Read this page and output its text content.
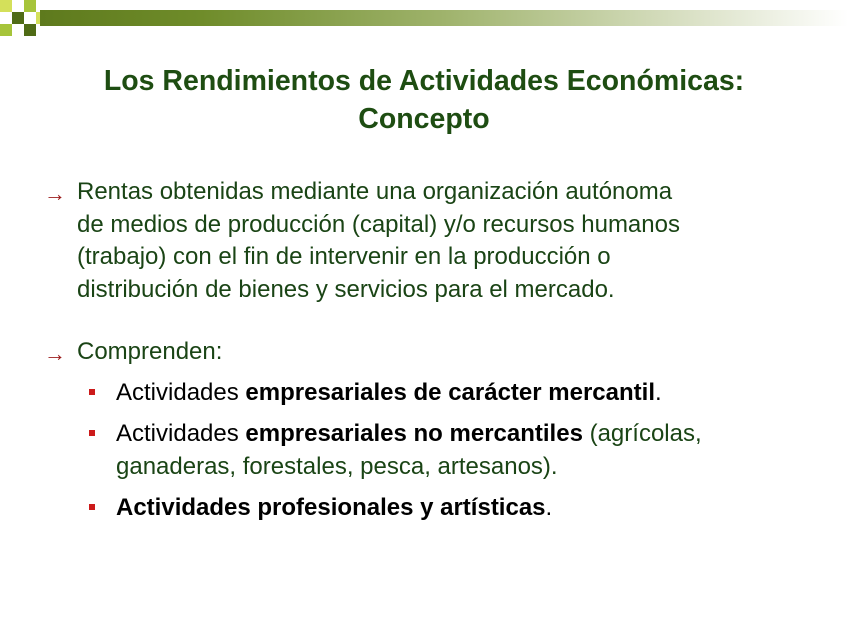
Los Rendimientos de Actividades Económicas:
Concepto
→ Rentas obtenidas mediante una organización autónoma
de medios de producción (capital) y/o recursos humanos
(trabajo) con el fin de intervenir en la producción o
distribución de bienes y servicios para el mercado.
→ Comprenden:
Actividades empresariales de carácter mercantil.
Actividades empresariales no mercantiles (agrícolas,
ganaderas, forestales, pesca, artesanos).
Actividades profesionales y artísticas.
